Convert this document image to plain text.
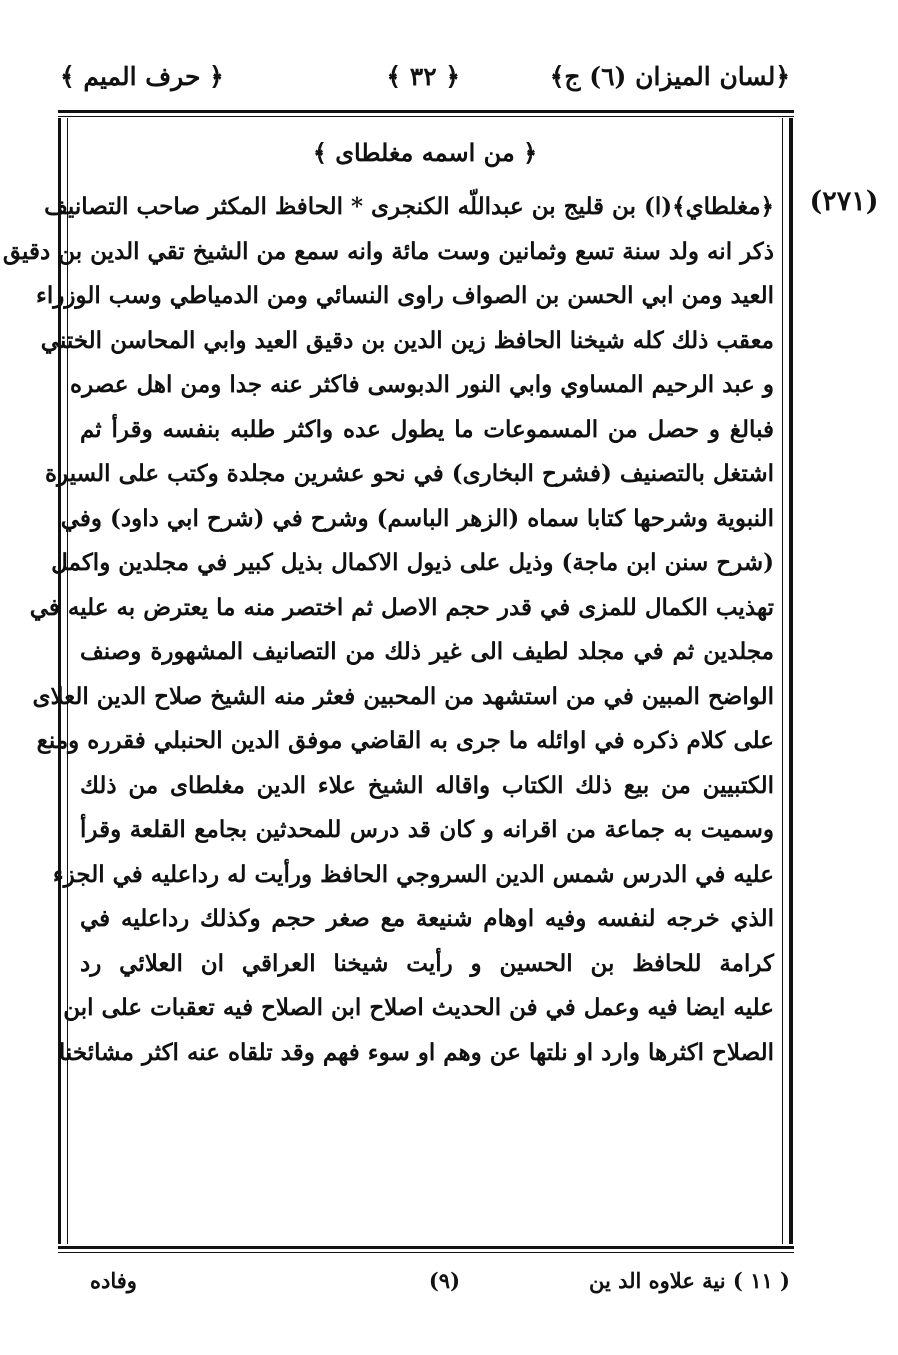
﴿لسان الميزان (٦) ج﴾
﴿ ٣٢ ﴾
﴿ حرف الميم ﴾
﴿ من اسمه مغلطاى ﴾
(٢٧١)
﴿مغلطاي﴾(ا) بن قليج بن عبداللّه الكنجرى * الحافظ المكثر صاحب التصانيف
ذكر انه ولد سنة تسع وثمانين وست مائة وانه سمع من الشيخ تقي الدين بن دقيق
العيد ومن ابي الحسن بن الصواف راوى النسائي ومن الدمياطي وسب الوزراء
معقب ذلك كله شيخنا الحافظ زين الدين بن دقيق العيد وابي المحاسن الختني
و عبد الرحيم المساوي وابي النور الدبوسى فاكثر عنه جدا ومن اهل عصره
فبالغ و حصل من المسموعات ما يطول عده واكثر طلبه بنفسه وقرأ ثم
اشتغل بالتصنيف (فشرح البخارى) في نحو عشرين مجلدة وكتب على السيرة
النبوية وشرحها كتابا سماه (الزهر الباسم) وشرح في (شرح ابي داود) وفي
(شرح سنن ابن ماجة) وذيل على ذيول الاكمال بذيل كبير في مجلدين واكمل
تهذيب الكمال للمزى في قدر حجم الاصل ثم اختصر منه ما يعترض به عليه في
مجلدين ثم في مجلد لطيف الى غير ذلك من التصانيف المشهورة وصنف
الواضح المبين في من استشهد من المحبين فعثر منه الشيخ صلاح الدين العلاى
على كلام ذكره في اوائله ما جرى به القاضي موفق الدين الحنبلي فقرره ومنع
الكتبيين من بيع ذلك الكتاب واقاله الشيخ علاء الدين مغلطاى من ذلك
وسميت به جماعة من اقرانه و كان قد درس للمحدثين بجامع القلعة وقرأ
عليه في الدرس شمس الدين السروجي الحافظ ورأيت له رداعليه في الجزء
الذي خرجه لنفسه وفيه اوهام شنيعة مع صغر حجم وكذلك رداعليه في
كرامة للحافظ بن الحسين و رأيت شيخنا العراقي ان العلائي رد
عليه ايضا فيه وعمل في فن الحديث اصلاح ابن الصلاح فيه تعقبات على ابن
الصلاح اكثرها وارد او نلتها عن وهم او سوء فهم وقد تلقاه عنه اكثر مشائخنا
( ١١ ) نية علاوه الد ين
(٩)
وفاده
